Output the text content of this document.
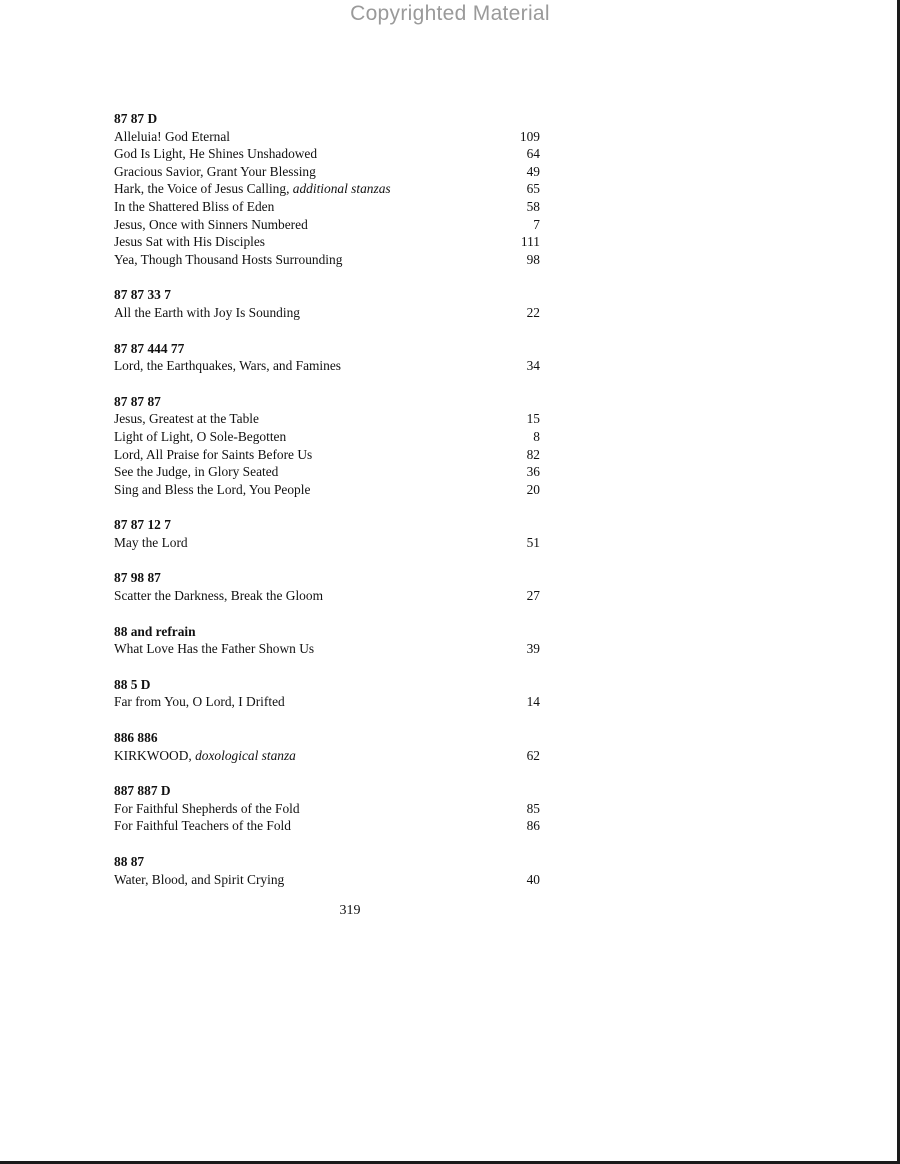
Copyrighted Material
87 87 D
Alleluia! God Eternal	109
God Is Light, He Shines Unshadowed	64
Gracious Savior, Grant Your Blessing	49
Hark, the Voice of Jesus Calling, additional stanzas	65
In the Shattered Bliss of Eden	58
Jesus, Once with Sinners Numbered	7
Jesus Sat with His Disciples	111
Yea, Though Thousand Hosts Surrounding	98
87 87 33 7
All the Earth with Joy Is Sounding	22
87 87 444 77
Lord, the Earthquakes, Wars, and Famines	34
87 87 87
Jesus, Greatest at the Table	15
Light of Light, O Sole-Begotten	8
Lord, All Praise for Saints Before Us	82
See the Judge, in Glory Seated	36
Sing and Bless the Lord, You People	20
87 87 12 7
May the Lord	51
87 98 87
Scatter the Darkness, Break the Gloom	27
88 and refrain
What Love Has the Father Shown Us	39
88 5 D
Far from You, O Lord, I Drifted	14
886 886
KIRKWOOD, doxological stanza	62
887 887 D
For Faithful Shepherds of the Fold	85
For Faithful Teachers of the Fold	86
88 87
Water, Blood, and Spirit Crying	40
319
